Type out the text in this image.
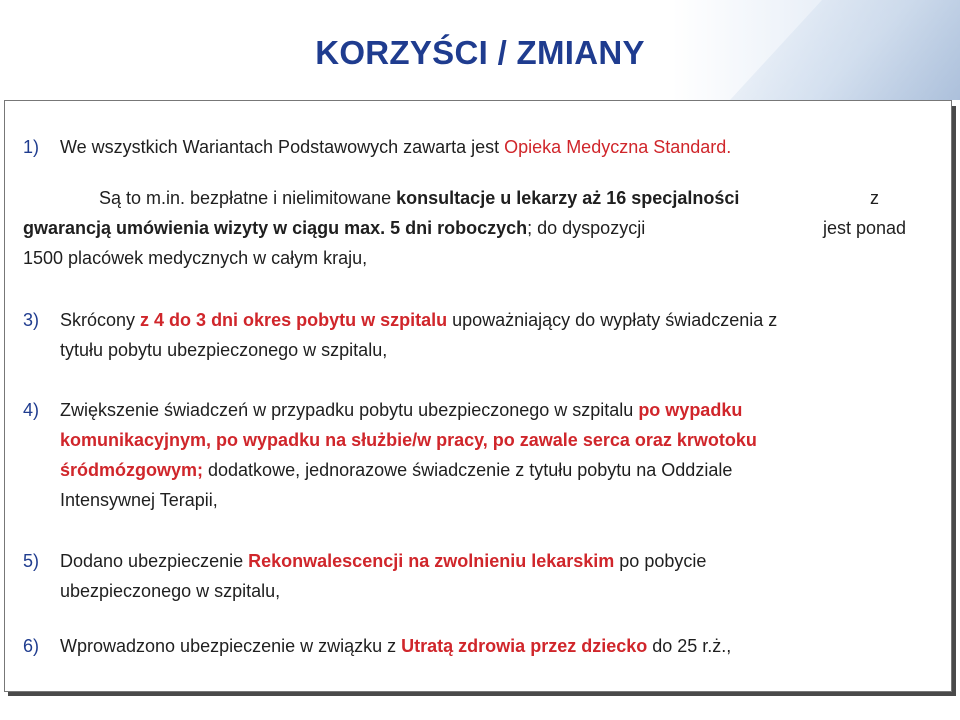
KORZYŚCI / ZMIANY
1) We wszystkich Wariantach Podstawowych zawarta jest Opieka Medyczna Standard.
Są to m.in. bezpłatne i nielimitowane konsultacje u lekarzy aż 16 specjalności	z
gwarancją umówienia wizyty w ciągu max. 5 dni roboczych; do dyspozycji	jest ponad
1500 placówek medycznych w całym kraju,
3) Skrócony z 4 do 3 dni okres pobytu w szpitalu upoważniający do wypłaty świadczenia z
tytułu pobytu ubezpieczonego w szpitalu,
4) Zwiększenie świadczeń w przypadku pobytu ubezpieczonego w szpitalu po wypadku
komunikacyjnym, po wypadku na służbie/w pracy, po zawale serca oraz krwotoku
śródmózgowym; dodatkowe, jednorazowe świadczenie z tytułu pobytu na Oddziale
Intensywnej Terapii,
5) Dodano ubezpieczenie Rekonwalescencji na zwolnieniu lekarskim po pobycie
ubezpieczonego w szpitalu,
6) Wprowadzono ubezpieczenie w związku z Utratą zdrowia przez dziecko do 25 r.ż.,
